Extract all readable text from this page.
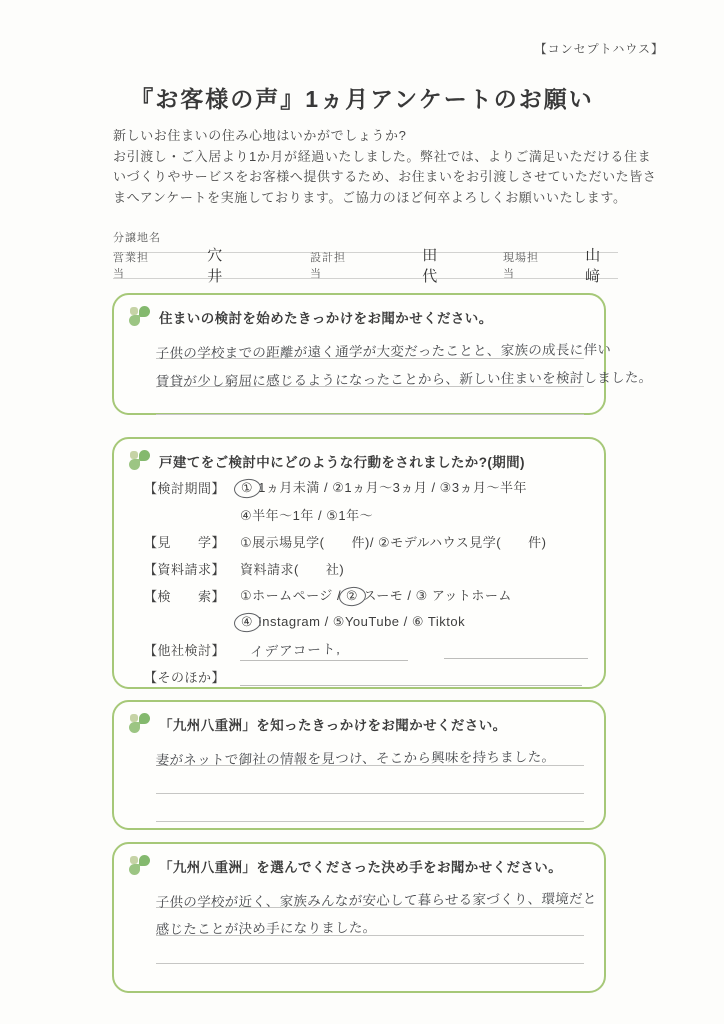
【コンセプトハウス】
『お客様の声』1ヵ月アンケートのお願い
新しいお住まいの住み心地はいかがでしょうか?
お引渡し・ご入居より1か月が経過いたしました。弊社では、よりご満足いただける住ま
いづくりやサービスをお客様へ提供するため、お住まいをお引渡しさせていただいた皆さ
まへアンケートを実施しております。ご協力のほど何卒よろしくお願いいたします。
分譲地名
営業担当
穴井
設計担当
田代
現場担当
山﨑
住まいの検討を始めたきっかけをお聞かせください。
子供の学校までの距離が遠く通学が大変だったことと、家族の成長に伴い
賃貸が少し窮屈に感じるようになったことから、新しい住まいを検討しました。
戸建てをご検討中にどのような行動をされましたか?(期間)
【検討期間】	① 1ヵ月未満 / ②1ヵ月〜3ヵ月 / ③3ヵ月〜半年
④半年〜1年 / ⑤1年〜
【見　　学】	①展示場見学(　　件)/ ②モデルハウス見学(　　件)
【資料請求】	資料請求(　　社)
【検　　索】	①ホームページ / ② スーモ / ③ アットホーム
④ Instagram / ⑤YouTube / ⑥ Tiktok
【他社検討】	イデアコート,
【そのほか】
「九州八重洲」を知ったきっかけをお聞かせください。
妻がネットで御社の情報を見つけ、そこから興味を持ちました。
「九州八重洲」を選んでくださった決め手をお聞かせください。
子供の学校が近く、家族みんなが安心して暮らせる家づくり、環境だと
感じたことが決め手になりました。
